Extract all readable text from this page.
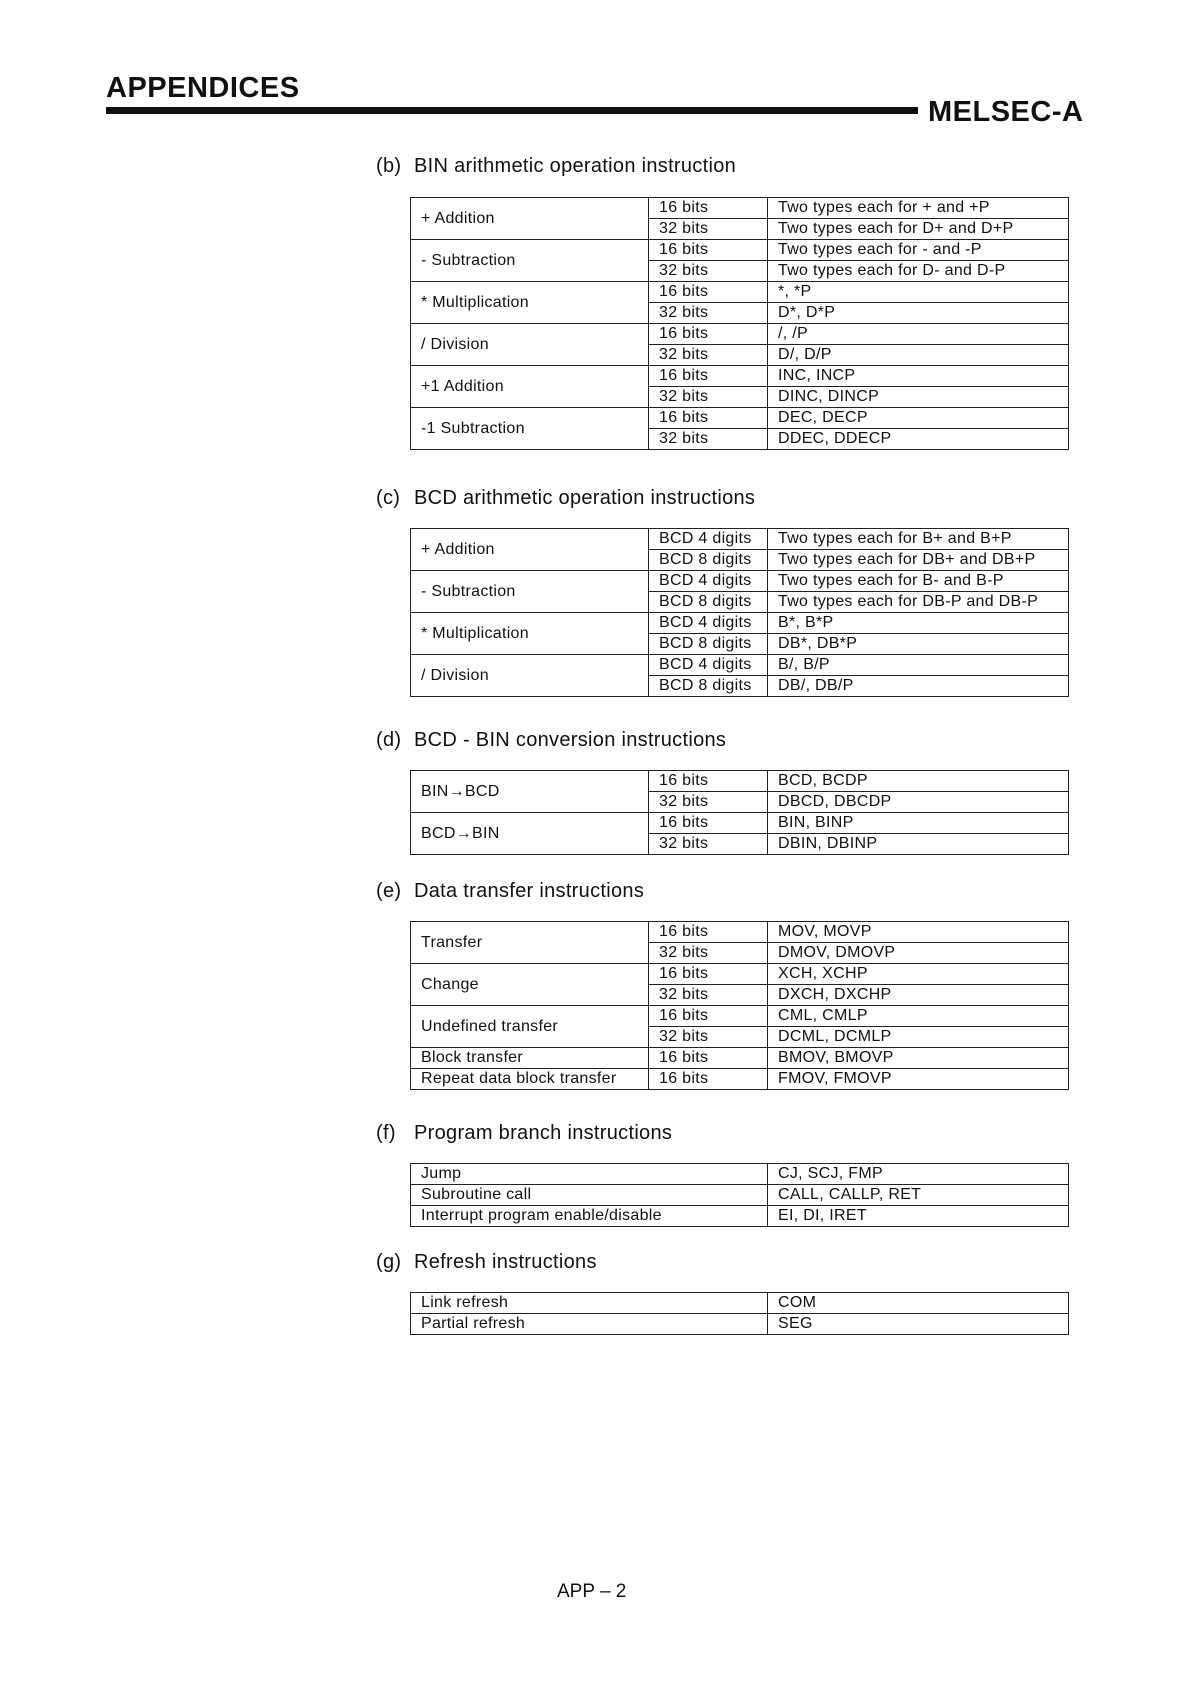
APPENDICES
MELSEC-A
(b) BIN arithmetic operation instruction
+ Addition	16 bits	Two types each for + and +P
	32 bits	Two types each for D+ and D+P
- Subtraction	16 bits	Two types each for - and -P
	32 bits	Two types each for D- and D-P
* Multiplication	16 bits	*, *P
	32 bits	D*, D*P
/ Division	16 bits	/, /P
	32 bits	D/, D/P
+1 Addition	16 bits	INC, INCP
	32 bits	DINC, DINCP
-1 Subtraction	16 bits	DEC, DECP
	32 bits	DDEC, DDECP
(c) BCD arithmetic operation instructions
+ Addition	BCD 4 digits	Two types each for B+ and B+P
	BCD 8 digits	Two types each for DB+ and DB+P
- Subtraction	BCD 4 digits	Two types each for B- and B-P
	BCD 8 digits	Two types each for DB-P and DB-P
* Multiplication	BCD 4 digits	B*, B*P
	BCD 8 digits	DB*, DB*P
/ Division	BCD 4 digits	B/, B/P
	BCD 8 digits	DB/, DB/P
(d) BCD - BIN conversion instructions
BIN→BCD	16 bits	BCD, BCDP
	32 bits	DBCD, DBCDP
BCD→BIN	16 bits	BIN, BINP
	32 bits	DBIN, DBINP
(e) Data transfer instructions
Transfer	16 bits	MOV, MOVP
	32 bits	DMOV, DMOVP
Change	16 bits	XCH, XCHP
	32 bits	DXCH, DXCHP
Undefined transfer	16 bits	CML, CMLP
	32 bits	DCML, DCMLP
Block transfer	16 bits	BMOV, BMOVP
Repeat data block transfer	16 bits	FMOV, FMOVP
(f) Program branch instructions
Jump	CJ, SCJ, FMP
Subroutine call	CALL, CALLP, RET
Interrupt program enable/disable	EI, DI, IRET
(g) Refresh instructions
Link refresh	COM
Partial refresh	SEG
APP – 2
